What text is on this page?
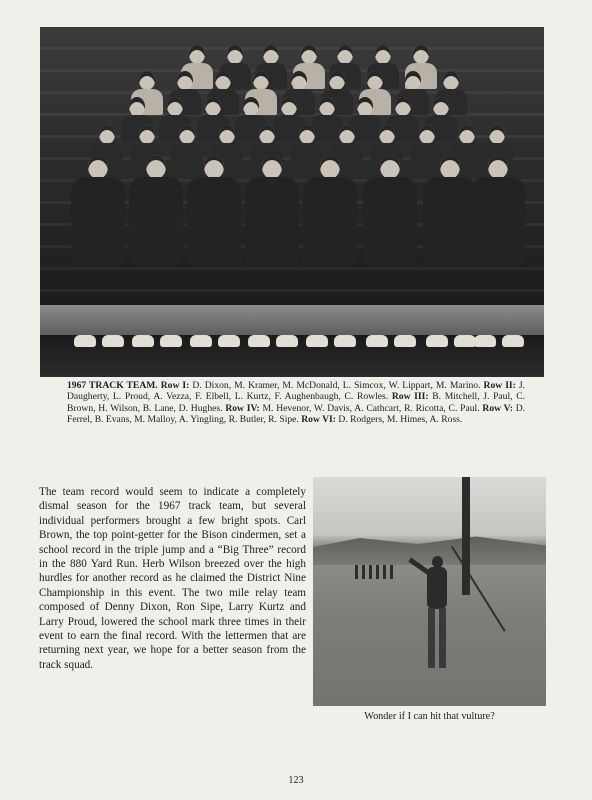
1967 TRACK TEAM. Row I: D. Dixon, M. Kramer, M. McDonald, L. Simcox, W. Lippart, M. Marino. Row II: J. Daugherty, L. Proud, A. Vezza, F. Elbell, L. Kurtz, F. Aughenbaugh, C. Rowles. Row III: B. Mitchell, J. Paul, C. Brown, H. Wilson, B. Lane, D. Hughes. Row IV: M. Hevenor, W. Davis, A. Cathcart, R. Ricotta, C. Paul. Row V: D. Ferrel, B. Evans, M. Malloy, A. Yingling, R. Butler, R. Sipe. Row VI: D. Rodgers, M. Himes, A. Ross.

The team record would seem to indicate a completely dismal season for the 1967 track team, but several individual performers brought a few bright spots. Carl Brown, the top point-getter for the Bison cindermen, set a school record in the triple jump and a “Big Three” record in the 880 Yard Run. Herb Wilson breezed over the high hurdles for another record as he claimed the District Nine Championship in this event. The two mile relay team composed of Denny Dixon, Ron Sipe, Larry Kurtz and Larry Proud, lowered the school mark three times in their event to earn the final record. With the lettermen that are returning next year, we hope for a better season from the track squad.

Wonder if I can hit that vulture?
123
